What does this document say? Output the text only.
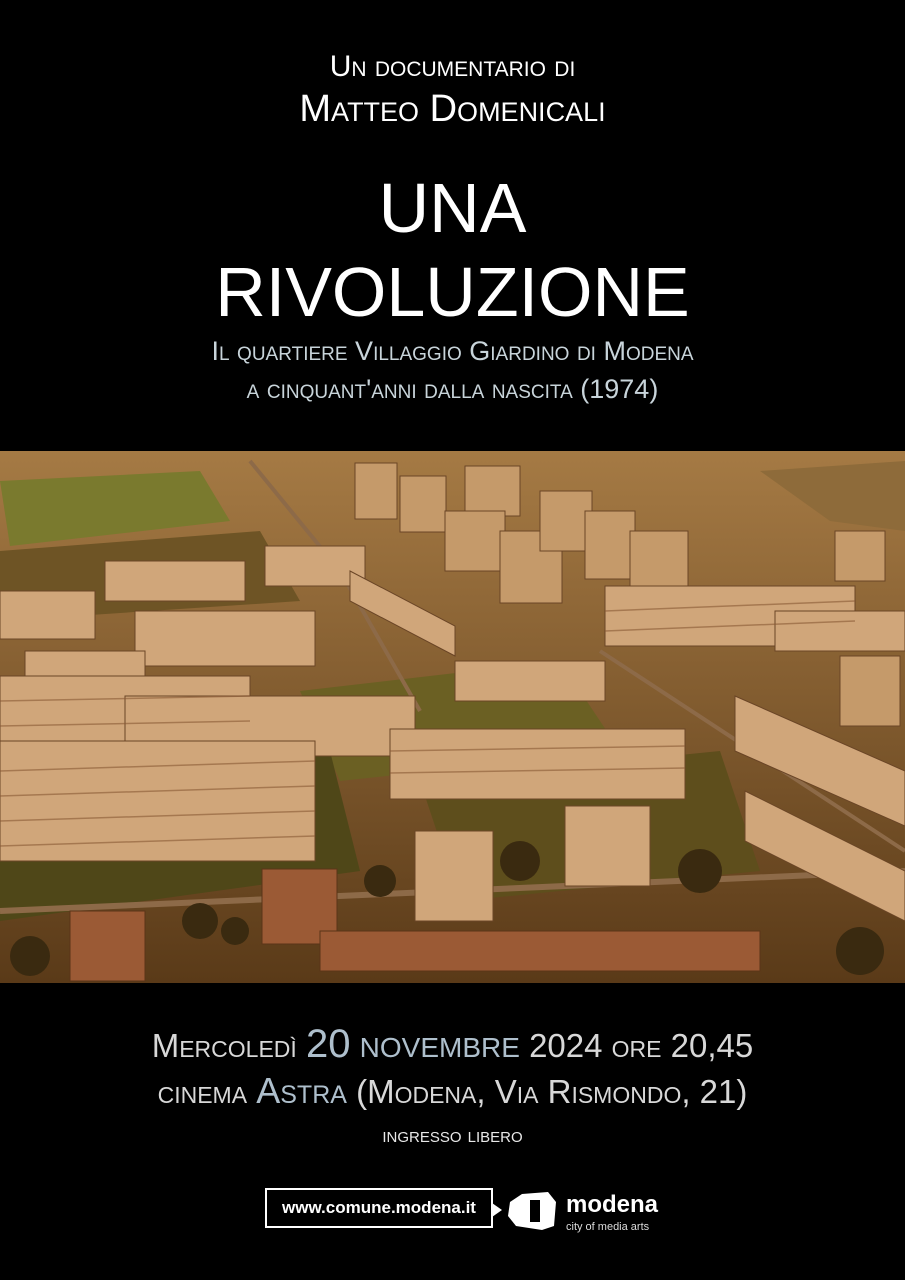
Un documentario di
Matteo Domenicali
UNA
RIVOLUZIONE
Il quartiere Villaggio Giardino di Modena
a cinquant'anni dalla nascita (1974)
Mercoledì 20 novembre 2024 ore 20,45
cinema Astra (Modena, Via Rismondo, 21)
ingresso libero
www.comune.modena.it	modena
city of media arts
